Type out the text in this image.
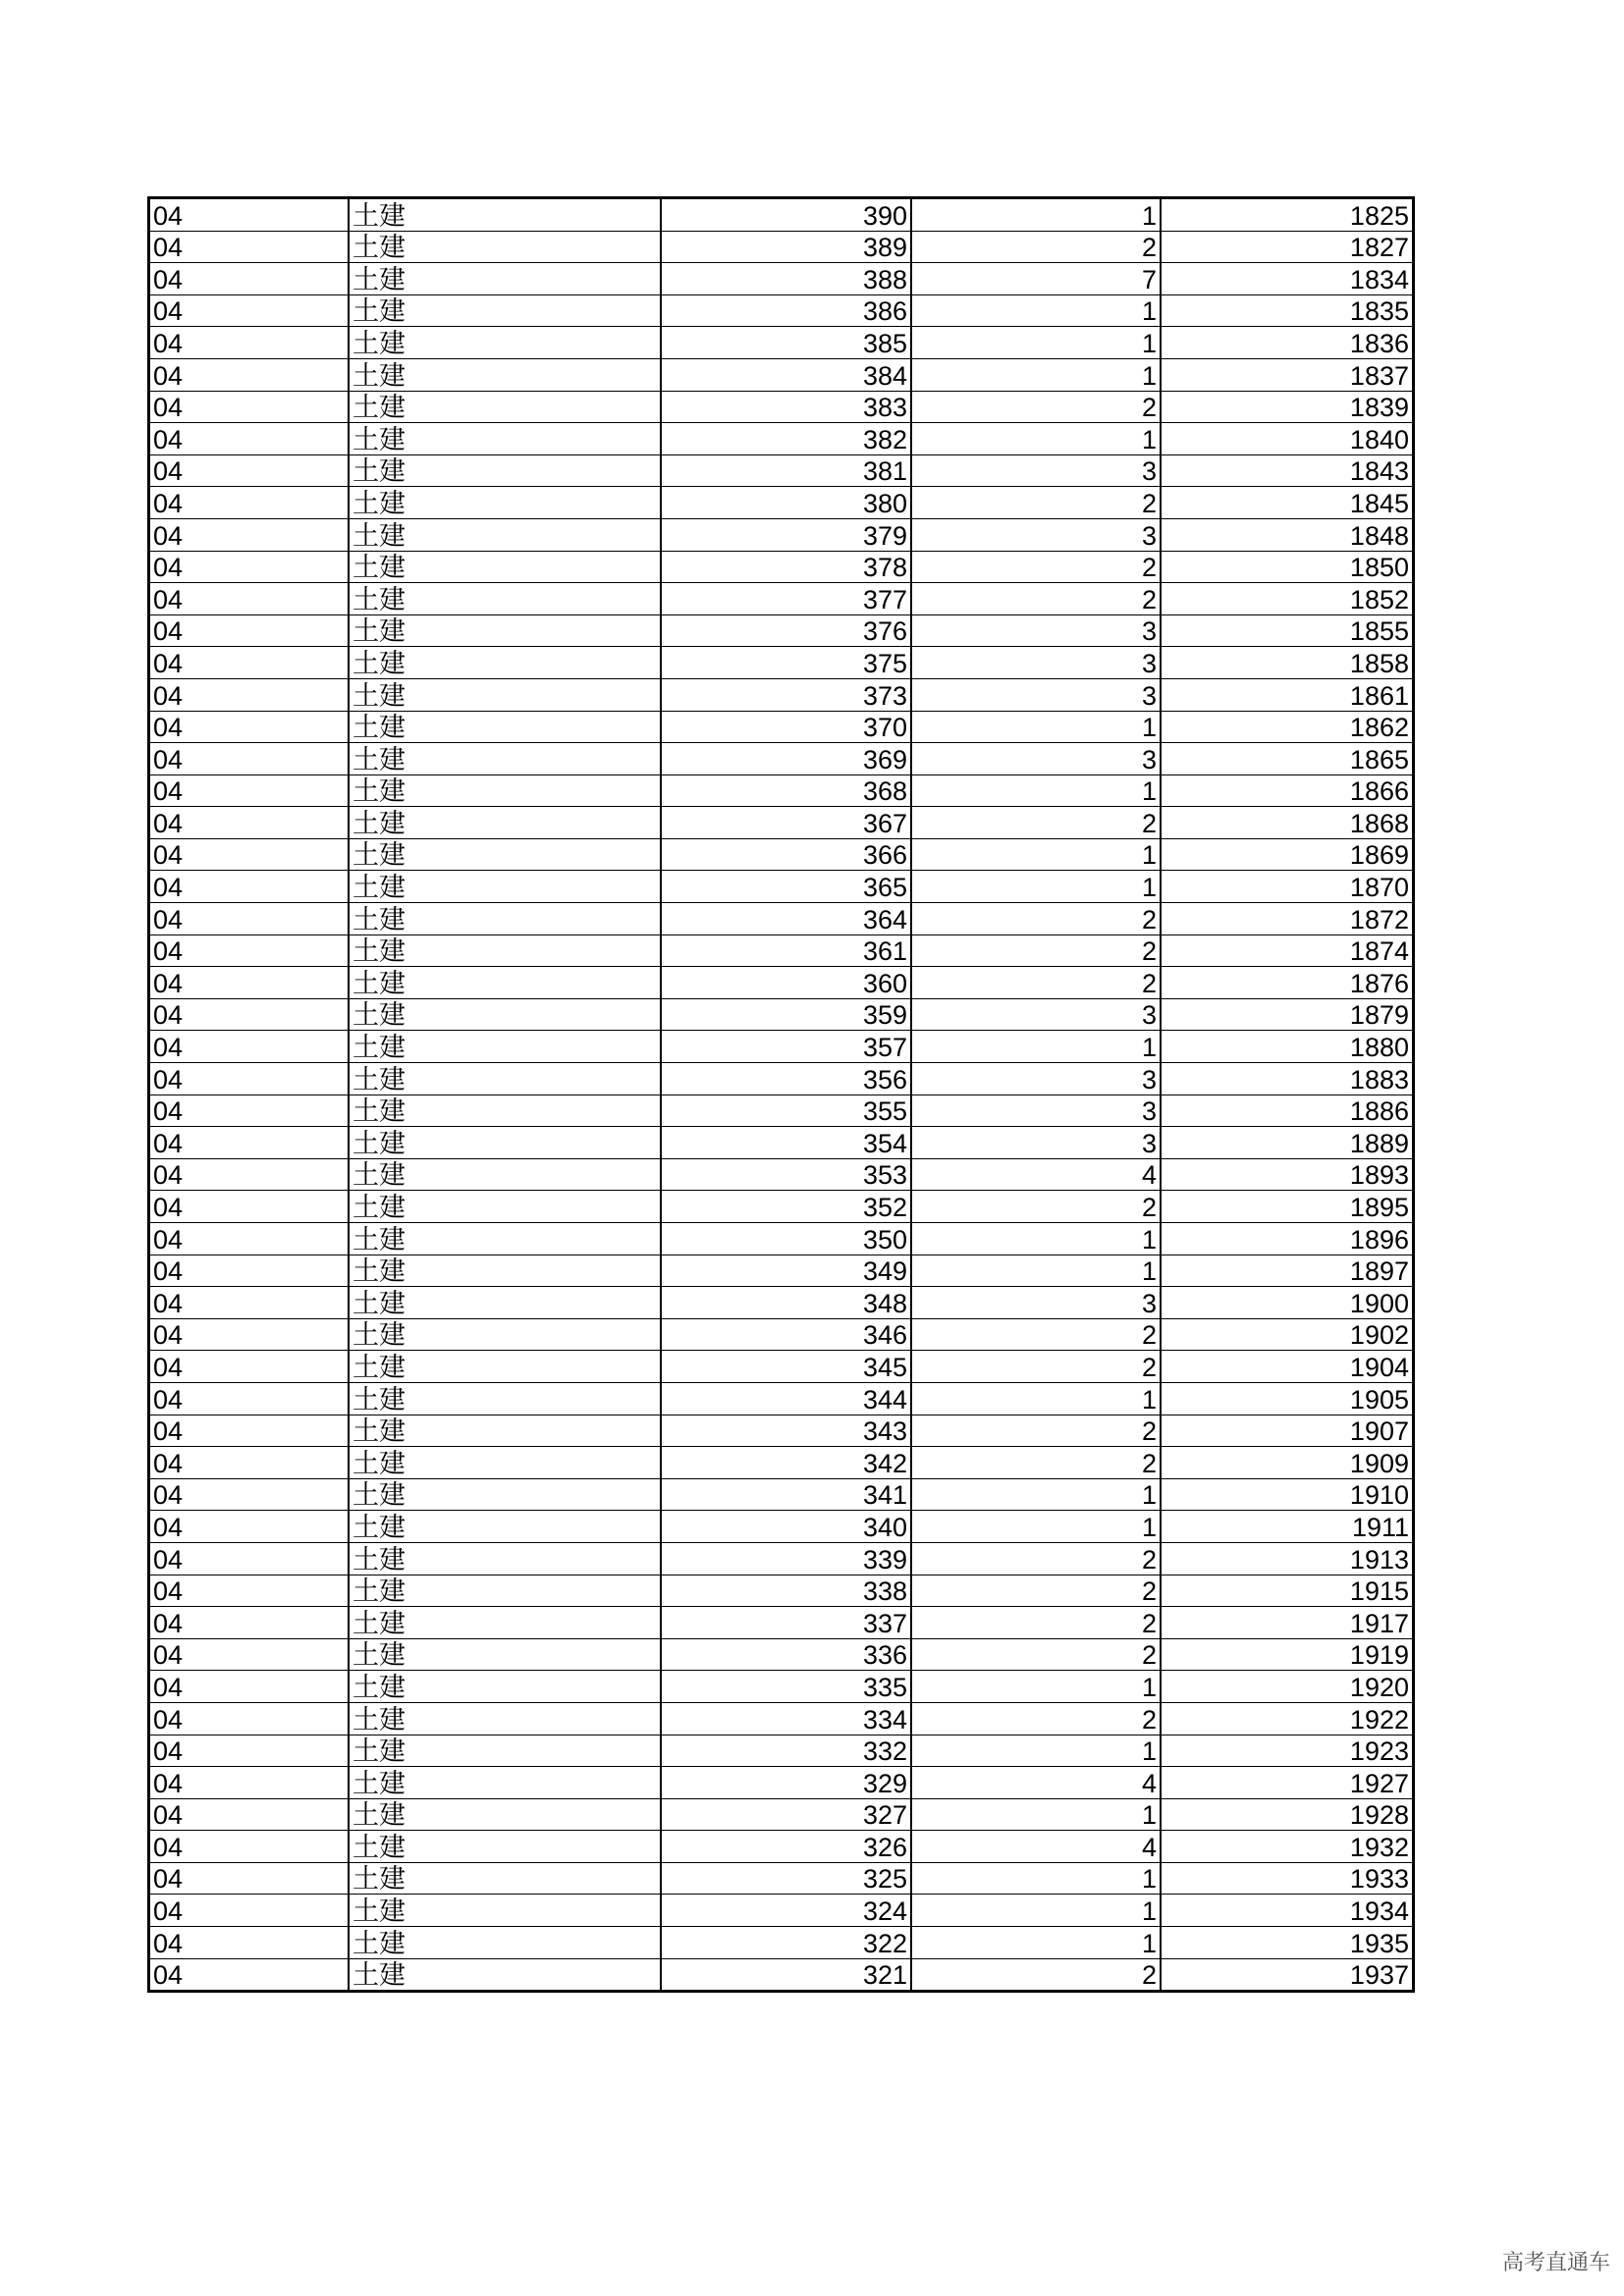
04	土建	390	1	1825
04	土建	389	2	1827
04	土建	388	7	1834
04	土建	386	1	1835
04	土建	385	1	1836
04	土建	384	1	1837
04	土建	383	2	1839
04	土建	382	1	1840
04	土建	381	3	1843
04	土建	380	2	1845
04	土建	379	3	1848
04	土建	378	2	1850
04	土建	377	2	1852
04	土建	376	3	1855
04	土建	375	3	1858
04	土建	373	3	1861
04	土建	370	1	1862
04	土建	369	3	1865
04	土建	368	1	1866
04	土建	367	2	1868
04	土建	366	1	1869
04	土建	365	1	1870
04	土建	364	2	1872
04	土建	361	2	1874
04	土建	360	2	1876
04	土建	359	3	1879
04	土建	357	1	1880
04	土建	356	3	1883
04	土建	355	3	1886
04	土建	354	3	1889
04	土建	353	4	1893
04	土建	352	2	1895
04	土建	350	1	1896
04	土建	349	1	1897
04	土建	348	3	1900
04	土建	346	2	1902
04	土建	345	2	1904
04	土建	344	1	1905
04	土建	343	2	1907
04	土建	342	2	1909
04	土建	341	1	1910
04	土建	340	1	1911
04	土建	339	2	1913
04	土建	338	2	1915
04	土建	337	2	1917
04	土建	336	2	1919
04	土建	335	1	1920
04	土建	334	2	1922
04	土建	332	1	1923
04	土建	329	4	1927
04	土建	327	1	1928
04	土建	326	4	1932
04	土建	325	1	1933
04	土建	324	1	1934
04	土建	322	1	1935
04	土建	321	2	1937
高考直通车
